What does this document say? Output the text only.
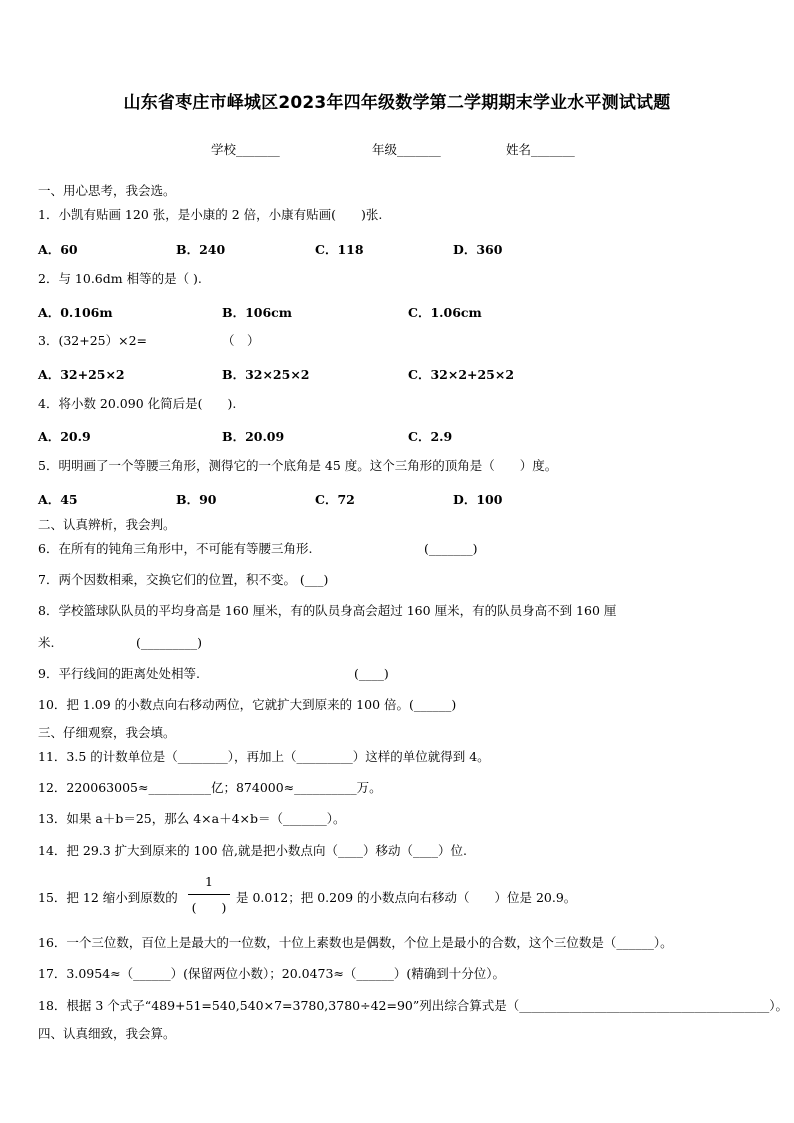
山东省枣庄市峄城区2023年四年级数学第二学期期末学业水平测试试题
学校_______	年级_______	姓名_______
一、用心思考，我会选。
1．小凯有贴画 120 张，是小康的 2 倍，小康有贴画(　　)张.
A．60	B．240	C．118	D．360
2．与 10.6dm 相等的是（ ).
A．0.106m	B．106cm	C．1.06cm
3．(32+25）×2=	（　）
A．32+25×2	B．32×25×2	C．32×2+25×2
4．将小数 20.090 化简后是(　　).
A．20.9	B．20.09	C．2.9
5．明明画了一个等腰三角形，测得它的一个底角是 45 度。这个三角形的顶角是（　　）度。
A．45	B．90	C．72	D．100
二、认真辨析，我会判。
6．在所有的钝角三角形中，不可能有等腰三角形.	(_______)
7．两个因数相乘，交换它们的位置，积不变。 (___)
8．学校篮球队队员的平均身高是 160 厘米，有的队员身高会超过 160 厘米，有的队员身高不到 160 厘
米.	(_________)
9．平行线间的距离处处相等.	(____)
10．把 1.09 的小数点向右移动两位，它就扩大到原来的 100 倍。(______)
三、仔细观察，我会填。
11．3.5 的计数单位是（________），再加上（_________）这样的单位就得到 4。
12．220063005≈__________亿；874000≈__________万。
13．如果 a＋b＝25，那么 4×a＋4×b＝（_______）。
14．把 29.3 扩大到原来的 100 倍,就是把小数点向（____）移动（____）位.
15．把 12 缩小到原数的
1
(　　)
是 0.012；把 0.209 的小数点向右移动（　　）位是 20.9。
16．一个三位数，百位上是最大的一位数，十位上素数也是偶数，个位上是最小的合数，这个三位数是（______）。
17．3.0954≈（______）(保留两位小数）；20.0473≈（______）(精确到十分位）。
18．根据 3 个式子“489+51=540,540×7=3780,3780÷42=90”列出综合算式是（________________________________________）。
四、认真细致，我会算。
